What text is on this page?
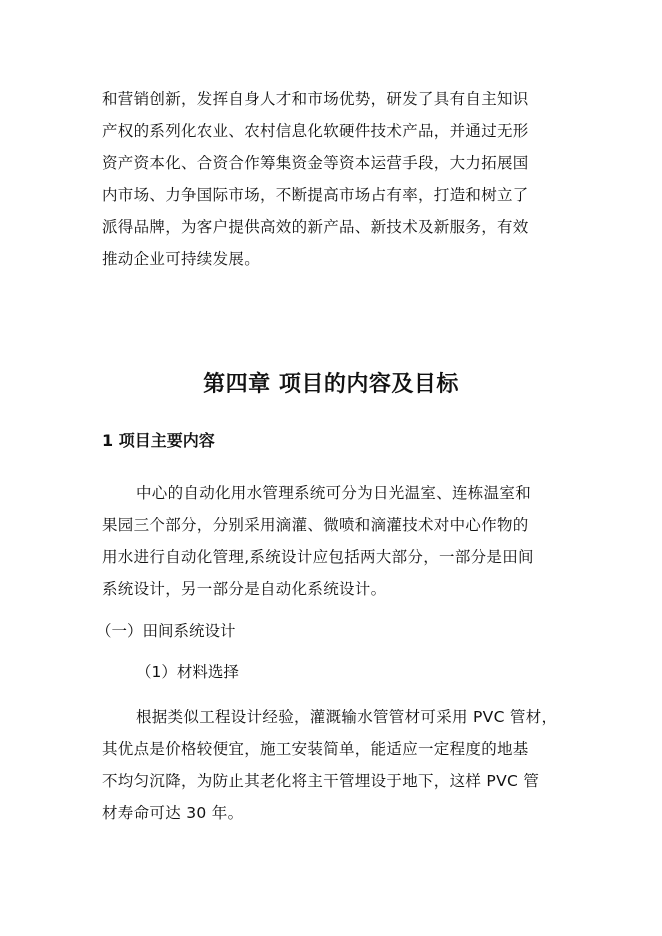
和营销创新，发挥自身人才和市场优势，研发了具有自主知识
产权的系列化农业、农村信息化软硬件技术产品，并通过无形
资产资本化、合资合作筹集资金等资本运营手段，大力拓展国
内市场、力争国际市场，不断提高市场占有率，打造和树立了
派得品牌，为客户提供高效的新产品、新技术及新服务，有效
推动企业可持续发展。

第四章 项目的内容及目标
1 项目主要内容

中心的自动化用水管理系统可分为日光温室、连栋温室和
果园三个部分，分别采用滴灌、微喷和滴灌技术对中心作物的
用水进行自动化管理,系统设计应包括两大部分，一部分是田间
系统设计，另一部分是自动化系统设计。

（一）田间系统设计

（1）材料选择

根据类似工程设计经验，灌溉输水管管材可采用 PVC 管材，
其优点是价格较便宜，施工安装简单，能适应一定程度的地基
不均匀沉降，为防止其老化将主干管埋设于地下，这样 PVC 管
材寿命可达 30 年。
